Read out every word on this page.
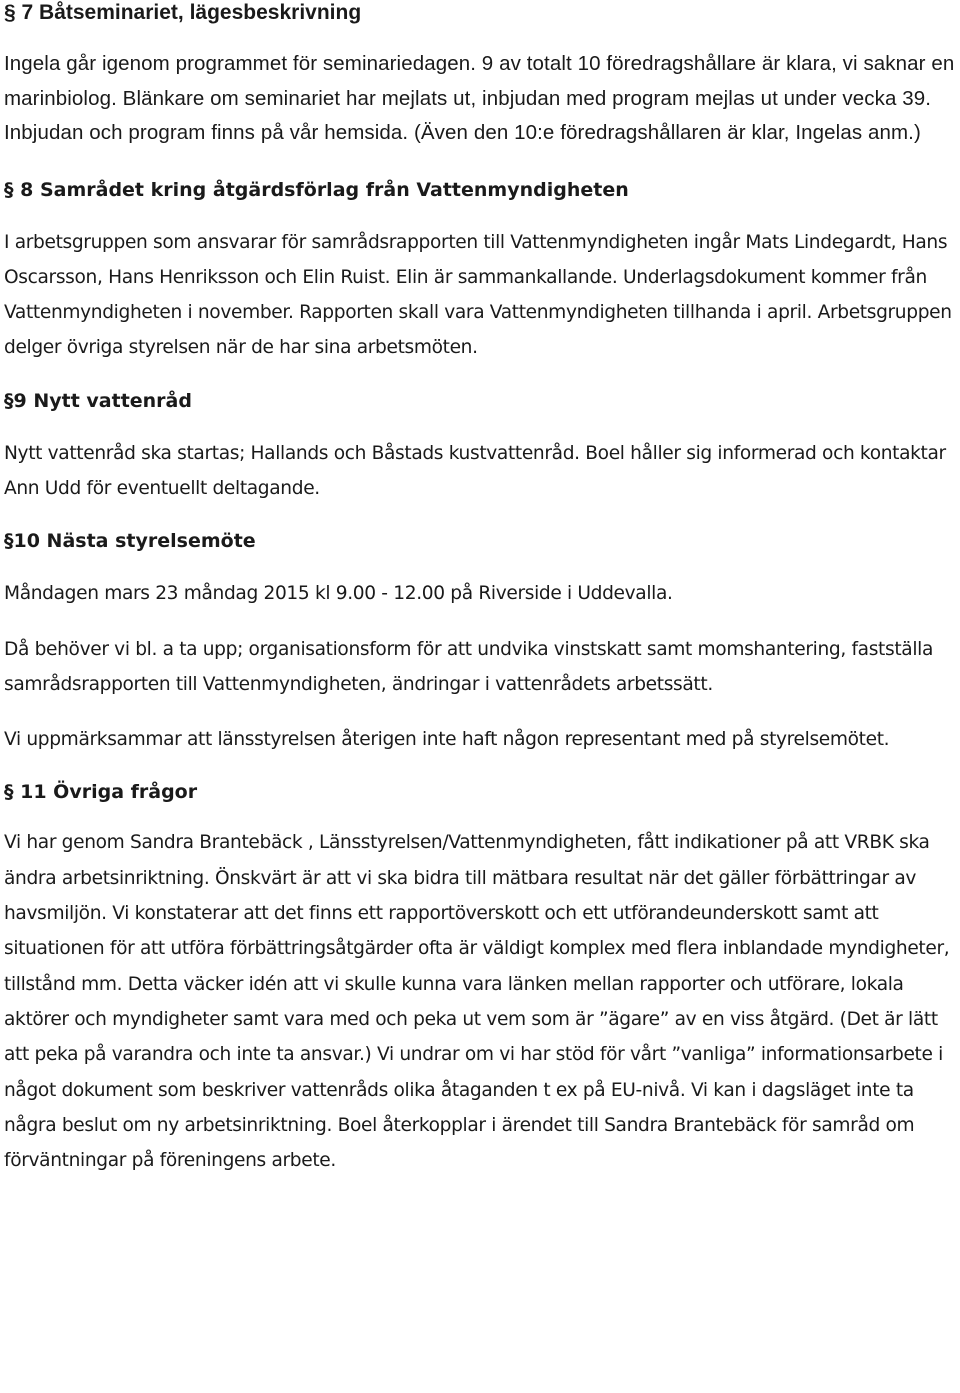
§ 7 Båtseminariet, lägesbeskrivning

Ingela går igenom programmet för seminariedagen. 9 av totalt 10 föredragshållare är klara, vi saknar en marinbiolog. Blänkare om seminariet har mejlats ut, inbjudan med program mejlas ut under vecka 39. Inbjudan och program finns på vår hemsida. (Även den 10:e föredragshållaren är klar, Ingelas anm.)

§ 8 Samrådet kring åtgärdsförlag från Vattenmyndigheten

I arbetsgruppen som ansvarar för samrådsrapporten till Vattenmyndigheten ingår Mats Lindegardt, Hans Oscarsson, Hans Henriksson och Elin Ruist. Elin är sammankallande. Underlagsdokument kommer från Vattenmyndigheten i november. Rapporten skall vara Vattenmyndigheten tillhanda i april. Arbetsgruppen delger övriga styrelsen när de har sina arbetsmöten.

§9 Nytt vattenråd

Nytt vattenråd ska startas; Hallands och Båstads kustvattenråd. Boel håller sig informerad och kontaktar Ann Udd för eventuellt deltagande.

§10 Nästa styrelsemöte

Måndagen mars 23 måndag 2015 kl 9.00 - 12.00 på Riverside i Uddevalla.

Då behöver vi bl. a ta upp; organisationsform för att undvika vinstskatt samt momshantering, fastställa samrådsrapporten till Vattenmyndigheten, ändringar i vattenrådets arbetssätt.

Vi uppmärksammar att länsstyrelsen återigen inte haft någon representant med på styrelsemötet.

§ 11 Övriga frågor

Vi har genom Sandra Brantebäck , Länsstyrelsen/Vattenmyndigheten, fått indikationer på att VRBK ska ändra arbetsinriktning. Önskvärt är att vi ska bidra till mätbara resultat när det gäller förbättringar av havsmiljön. Vi konstaterar att det finns ett rapportöverskott och ett utförandeunderskott samt att situationen för att utföra förbättringsåtgärder ofta är väldigt komplex med flera inblandade myndigheter, tillstånd mm. Detta väcker idén att vi skulle kunna vara länken mellan rapporter och utförare, lokala aktörer och myndigheter samt vara med och peka ut vem som är ”ägare” av en viss åtgärd. (Det är lätt att peka på varandra och inte ta ansvar.) Vi undrar om vi har stöd för vårt ”vanliga” informationsarbete i något dokument som beskriver vattenråds olika åtaganden t ex på EU-nivå. Vi kan i dagsläget inte ta några beslut om ny arbetsinriktning. Boel återkopplar i ärendet till Sandra Brantebäck för samråd om förväntningar på föreningens arbete.
